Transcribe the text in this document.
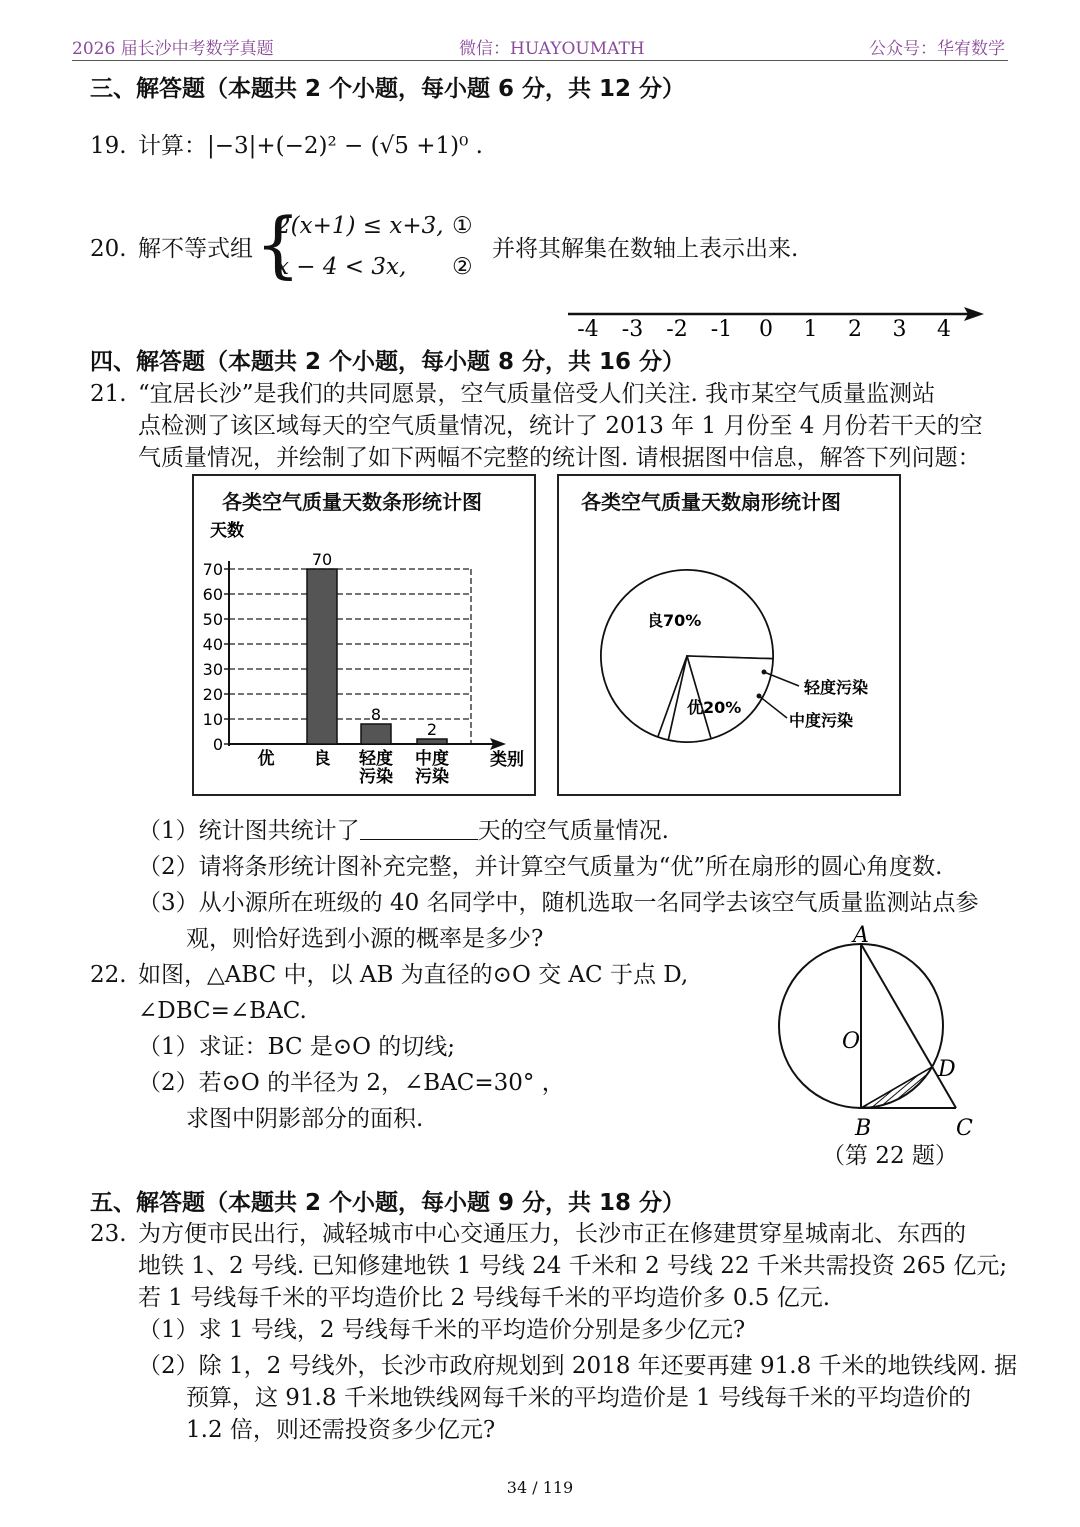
2026 届长沙中考数学真题	微信：HUAYOUMATH	公众号：华宥数学
三、解答题（本题共 2 个小题，每小题 6 分，共 12 分）
19. 计算：|−3|+(−2)² − (√5 +1)⁰ .
20. 解不等式组 {
2(x+1) ≤ x+3,
x − 4 < 3x,
①
②
并将其解集在数轴上表示出来.
-4 -3 -2 -1 0 1 2 3 4
四、解答题（本题共 2 个小题，每小题 8 分，共 16 分）
21. “宜居长沙”是我们的共同愿景，空气质量倍受人们关注. 我市某空气质量监测站
点检测了该区域每天的空气质量情况，统计了 2013 年 1 月份至 4 月份若干天的空
气质量情况，并绘制了如下两幅不完整的统计图. 请根据图中信息，解答下列问题：
各类空气质量天数条形统计图
天数
0
10
20
30
40
50
60
70
类别
优
70
良
8
轻度
污染
2
中度
污染
各类空气质量天数扇形统计图
良70%
优20%
轻度污染
中度污染
（1）统计图共统计了	天的空气质量情况.
（2）请将条形统计图补充完整，并计算空气质量为“优”所在扇形的圆心角度数.
（3）从小源所在班级的 40 名同学中，随机选取一名同学去该空气质量监测站点参
观，则恰好选到小源的概率是多少?
22. 如图，△ABC 中，以 AB 为直径的⊙O 交 AC 于点 D,
∠DBC=∠BAC.
（1）求证：BC 是⊙O 的切线;
（2）若⊙O 的半径为 2，∠BAC=30° ，
求图中阴影部分的面积.
A
O
D
B	C
（第 22 题）
五、解答题（本题共 2 个小题，每小题 9 分，共 18 分）
23. 为方便市民出行，减轻城市中心交通压力，长沙市正在修建贯穿星城南北、东西的
地铁 1、2 号线. 已知修建地铁 1 号线 24 千米和 2 号线 22 千米共需投资 265 亿元;
若 1 号线每千米的平均造价比 2 号线每千米的平均造价多 0.5 亿元.
（1）求 1 号线，2 号线每千米的平均造价分别是多少亿元?
（2）除 1，2 号线外，长沙市政府规划到 2018 年还要再建 91.8 千米的地铁线网. 据
预算，这 91.8 千米地铁线网每千米的平均造价是 1 号线每千米的平均造价的
1.2 倍，则还需投资多少亿元?
34 / 119
